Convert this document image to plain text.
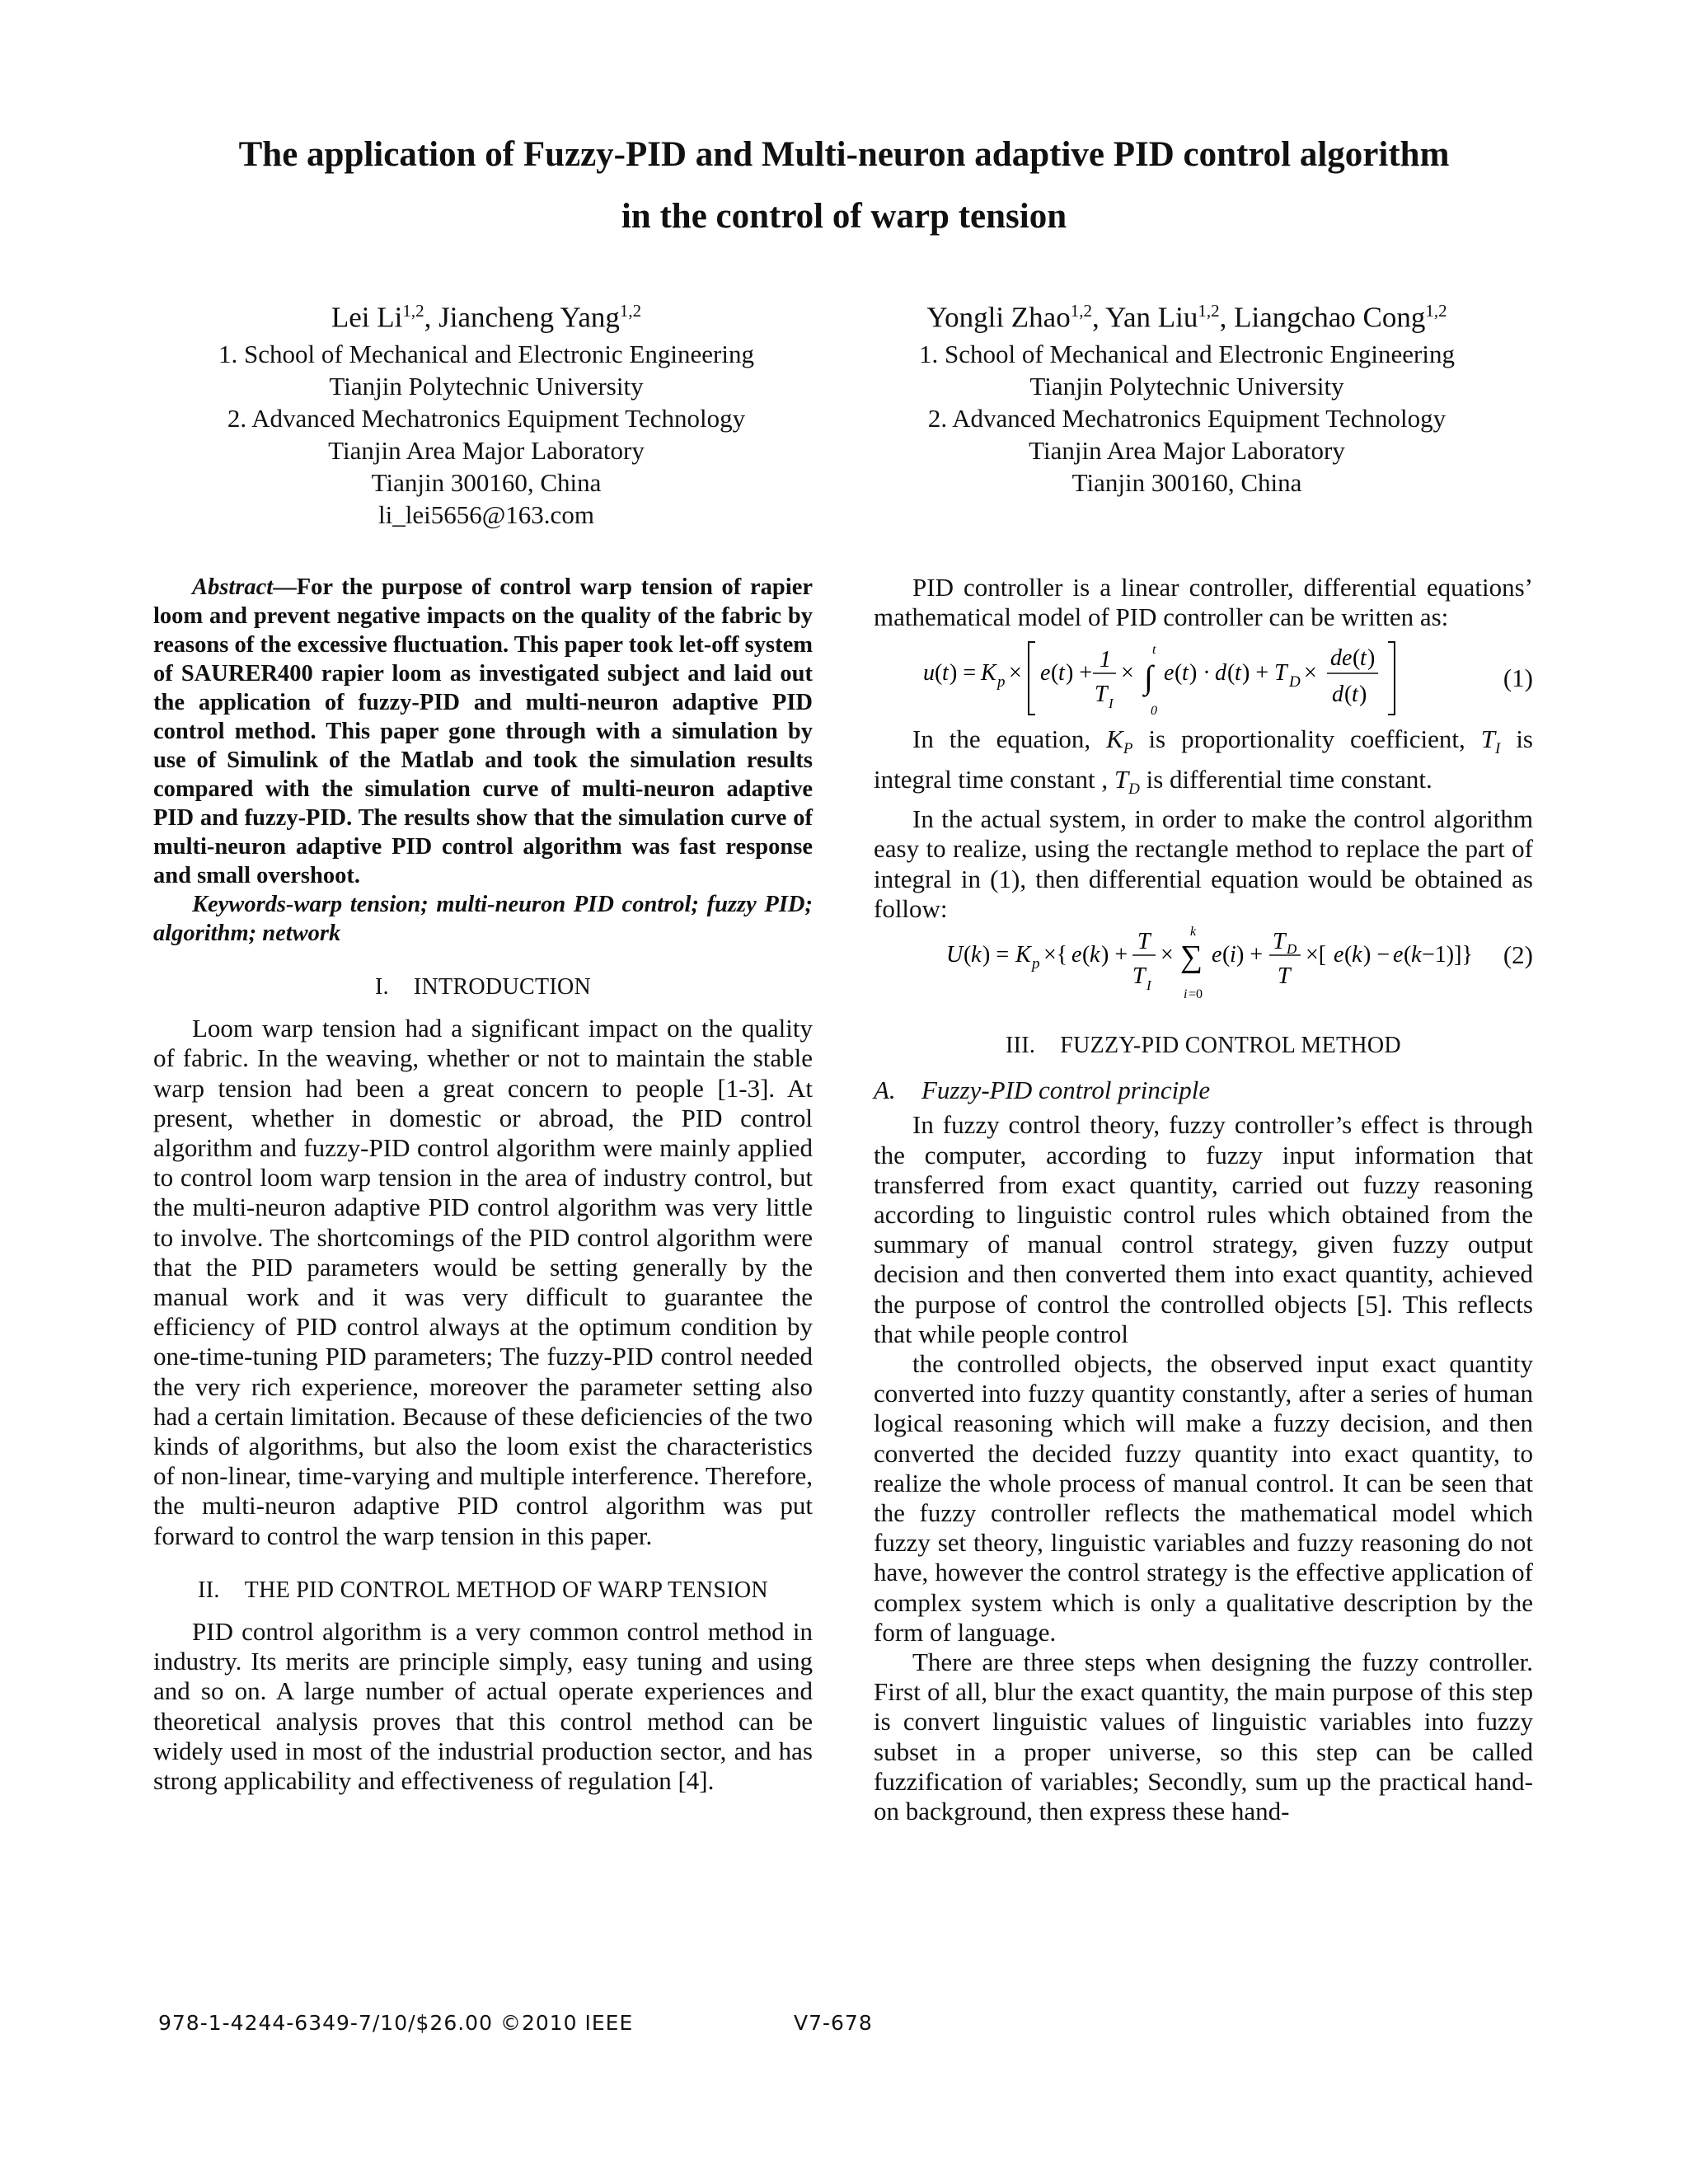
The application of Fuzzy-PID and Multi-neuron adaptive PID control algorithm
in the control of warp tension
Lei Li$^{1,2}$, Jiancheng Yang$^{1,2}$
1. School of Mechanical and Electronic Engineering
Tianjin Polytechnic University
2. Advanced Mechatronics Equipment Technology
Tianjin Area Major Laboratory
Tianjin 300160, China
li_lei5656@163.com
Yongli Zhao$^{1,2}$, Yan Liu$^{1,2}$, Liangchao Cong$^{1,2}$
1. School of Mechanical and Electronic Engineering
Tianjin Polytechnic University
2. Advanced Mechatronics Equipment Technology
Tianjin Area Major Laboratory
Tianjin 300160, China

Abstract—For the purpose of control warp tension of rapier loom and prevent negative impacts on the quality of the fabric by reasons of the excessive fluctuation. This paper took let-off system of SAURER400 rapier loom as investigated subject and laid out the application of fuzzy-PID and multi-neuron adaptive PID control method. This paper gone through with a simulation by use of Simulink of the Matlab and took the simulation results compared with the simulation curve of multi-neuron adaptive PID and fuzzy-PID. The results show that the simulation curve of multi-neuron adaptive PID control algorithm was fast response and small overshoot.

Keywords-warp tension; multi-neuron PID control; fuzzy PID; algorithm; network

I. INTRODUCTION

Loom warp tension had a significant impact on the quality of fabric. In the weaving, whether or not to maintain the stable warp tension had been a great concern to people [1-3]. At present, whether in domestic or abroad, the PID control algorithm and fuzzy-PID control algorithm were mainly applied to control loom warp tension in the area of industry control, but the multi-neuron adaptive PID control algorithm was very little to involve. The shortcomings of the PID control algorithm were that the PID parameters would be setting generally by the manual work and it was very difficult to guarantee the efficiency of PID control always at the optimum condition by one-time-tuning PID parameters; The fuzzy-PID control needed the very rich experience, moreover the parameter setting also had a certain limitation. Because of these deficiencies of the two kinds of algorithms, but also the loom exist the characteristics of non-linear, time-varying and multiple interference. Therefore, the multi-neuron adaptive PID control algorithm was put forward to control the warp tension in this paper.

II. THE PID CONTROL METHOD OF WARP TENSION

PID control algorithm is a very common control method in industry. Its merits are principle simply, easy tuning and using and so on. A large number of actual operate experiences and theoretical analysis proves that this control method can be widely used in most of the industrial production sector, and has strong applicability and effectiveness of regulation [4].

PID controller is a linear controller, differential equations’ mathematical model of PID controller can be written as:

u ( t ) = K p × e ( t ) +
1
T I
× ∫
t
0
e ( t ) · d ( t ) + T D ×
de ( t )
d ( t )
(1)

In the equation, $K_P$ is proportionality coefficient, $T_I$ is integral time constant , $T_D$ is differential time constant.

In the actual system, in order to make the control algorithm easy to realize, using the rectangle method to replace the part of integral in (1), then differential equation would be obtained as follow:

U ( k ) = K p ×{ e ( k ) +
T
T I
× ∑
k
i =0
e ( i ) +
T D
T
×[ e ( k ) − e ( k −1)]} (2)
III. FUZZY-PID CONTROL METHOD
A. Fuzzy-PID control principle

In fuzzy control theory, fuzzy controller’s effect is through the computer, according to fuzzy input information that transferred from exact quantity, carried out fuzzy reasoning according to linguistic control rules which obtained from the summary of manual control strategy, given fuzzy output decision and then converted them into exact quantity, achieved the purpose of control the controlled objects [5]. This reflects that while people control

the controlled objects, the observed input exact quantity converted into fuzzy quantity constantly, after a series of human logical reasoning which will make a fuzzy decision, and then converted the decided fuzzy quantity into exact quantity, to realize the whole process of manual control. It can be seen that the fuzzy controller reflects the mathematical model which fuzzy set theory, linguistic variables and fuzzy reasoning do not have, however the control strategy is the effective application of complex system which is only a qualitative description by the form of language.

There are three steps when designing the fuzzy controller. First of all, blur the exact quantity, the main purpose of this step is convert linguistic values of linguistic variables into fuzzy subset in a proper universe, so this step can be called fuzzification of variables; Secondly, sum up the practical hand-on background, then express these hand-

978-1-4244-6349-7/10/$26.00 ©2010 IEEE	V7-678
